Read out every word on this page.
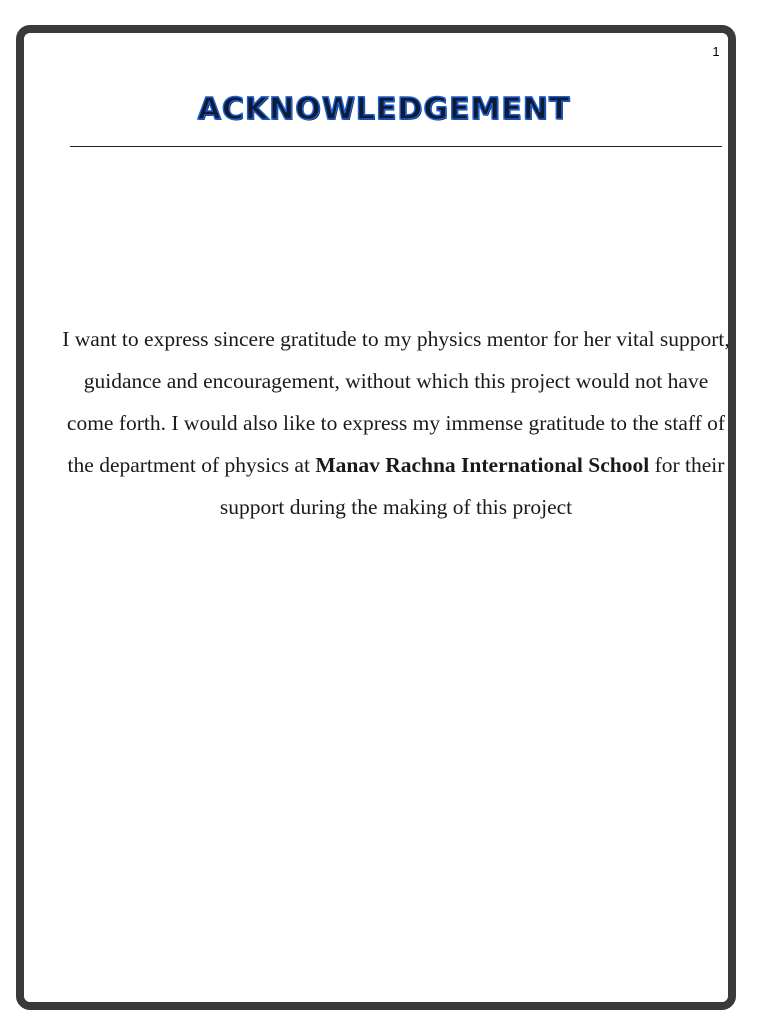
1
ACKNOWLEDGEMENT

I want to express sincere gratitude to my physics mentor for her vital support, guidance and encouragement, without which this project would not have come forth. I would also like to express my immense gratitude to the staff of the department of physics at Manav Rachna International School for their support during the making of this project
